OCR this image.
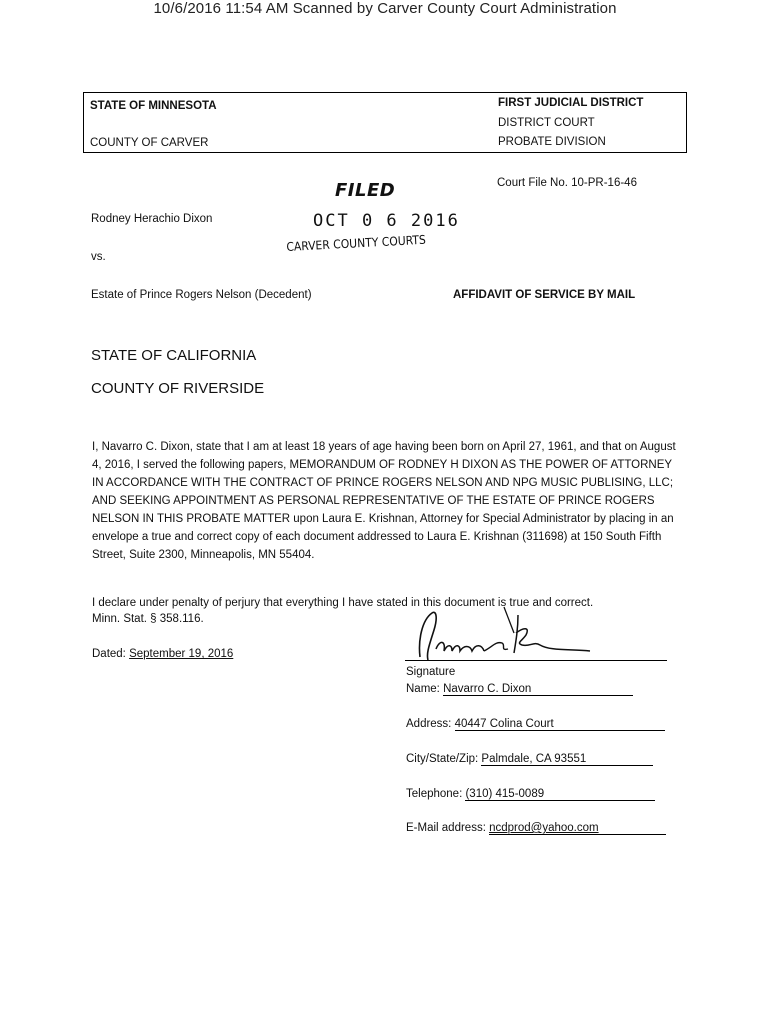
10/6/2016 11:54 AM Scanned by Carver County Court Administration
STATE OF MINNESOTA
COUNTY OF CARVER
FIRST JUDICIAL DISTRICT
DISTRICT COURT
PROBATE DIVISION
Court File No. 10-PR-16-46
FILED
OCT 0 6 2016
CARVER COUNTY COURTS
Rodney Herachio Dixon
vs.
Estate of Prince Rogers Nelson (Decedent)	AFFIDAVIT OF SERVICE BY MAIL
STATE OF CALIFORNIA
COUNTY OF RIVERSIDE
I, Navarro C. Dixon, state that I am at least 18 years of age having been born on April 27, 1961, and that on August 4, 2016, I served the following papers, MEMORANDUM OF RODNEY H DIXON AS THE POWER OF ATTORNEY IN ACCORDANCE WITH THE CONTRACT OF PRINCE ROGERS NELSON AND NPG MUSIC PUBLISING, LLC; AND SEEKING APPOINTMENT AS PERSONAL REPRESENTATIVE OF THE ESTATE OF PRINCE ROGERS NELSON IN THIS PROBATE MATTER upon Laura E. Krishnan, Attorney for Special Administrator by placing in an envelope a true and correct copy of each document addressed to Laura E. Krishnan (311698) at 150 South Fifth Street, Suite 2300, Minneapolis, MN 55404.
I declare under penalty of perjury that everything I have stated in this document is true and correct.
Minn. Stat. § 358.116.
Dated: September 19, 2016
Signature
Name: Navarro C. Dixon
Address: 40447 Colina Court
City/State/Zip: Palmdale, CA 93551
Telephone: (310) 415-0089
E-Mail address: ncdprod@yahoo.com
